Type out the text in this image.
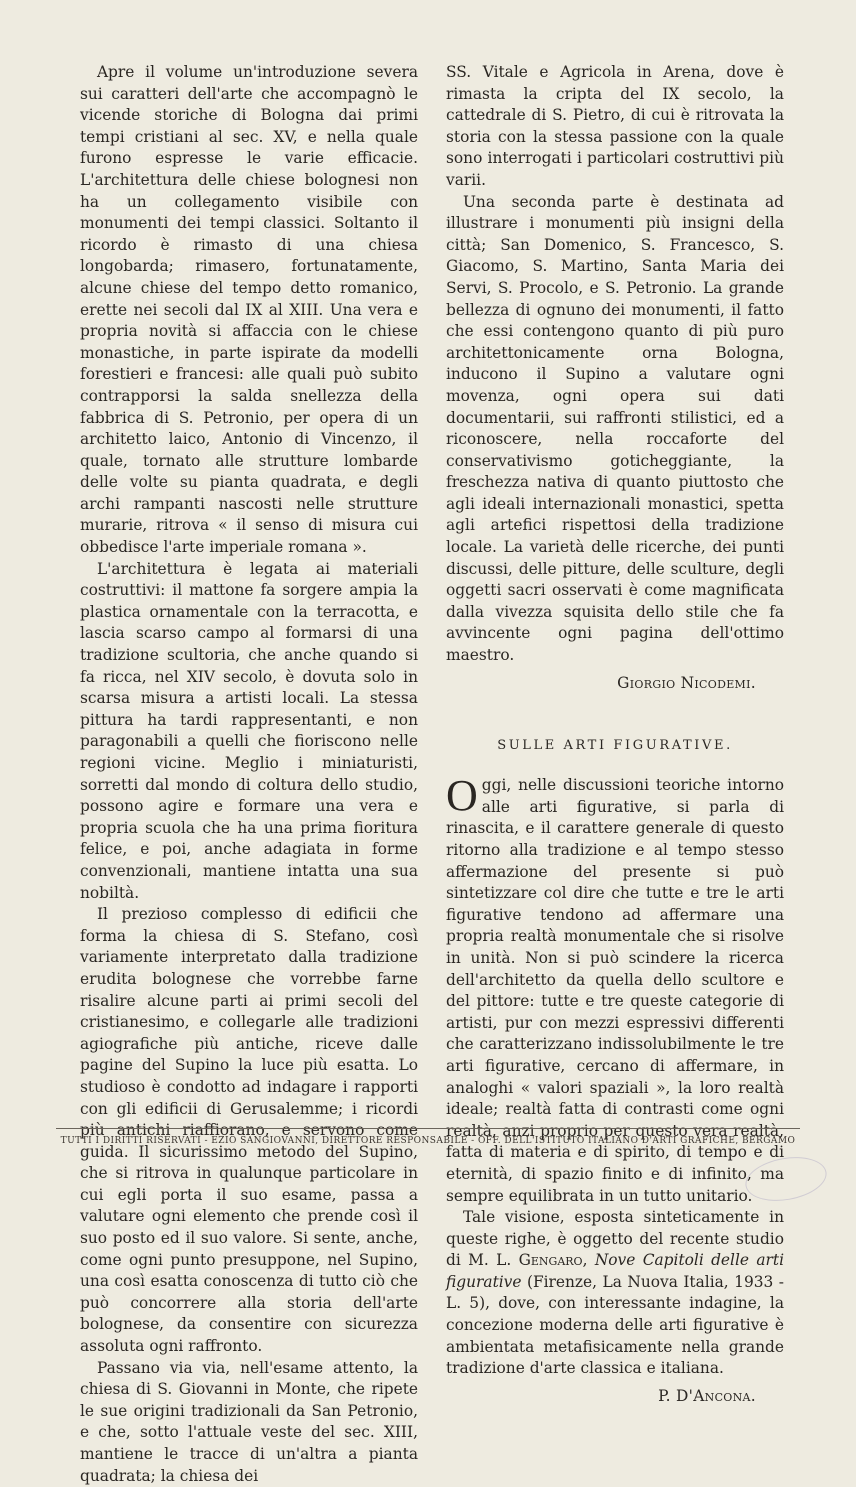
Apre il volume un'introduzione severa sui caratteri dell'arte che accompagnò le vicende storiche di Bologna dai primi tempi cristiani al sec. XV, e nella quale furono espresse le varie efficacie. L'architettura delle chiese bolognesi non ha un collegamento visibile con monumenti dei tempi classici. Soltanto il ricordo è rimasto di una chiesa longobarda; rimasero, fortunatamente, alcune chiese del tempo detto romanico, erette nei secoli dal IX al XIII. Una vera e propria novità si affaccia con le chiese monastiche, in parte ispirate da modelli forestieri e francesi: alle quali può subito contrapporsi la salda snellezza della fabbrica di S. Petronio, per opera di un architetto laico, Antonio di Vincenzo, il quale, tornato alle strutture lombarde delle volte su pianta quadrata, e degli archi rampanti nascosti nelle strutture murarie, ritrova « il senso di misura cui obbedisce l'arte imperiale romana ».

L'architettura è legata ai materiali costruttivi: il mattone fa sorgere ampia la plastica ornamentale con la terracotta, e lascia scarso campo al formarsi di una tradizione scultoria, che anche quando si fa ricca, nel XIV secolo, è dovuta solo in scarsa misura a artisti locali. La stessa pittura ha tardi rappresentanti, e non paragonabili a quelli che fioriscono nelle regioni vicine. Meglio i miniaturisti, sorretti dal mondo di coltura dello studio, possono agire e formare una vera e propria scuola che ha una prima fioritura felice, e poi, anche adagiata in forme convenzionali, mantiene intatta una sua nobiltà.

Il prezioso complesso di edificii che forma la chiesa di S. Stefano, così variamente interpretato dalla tradizione erudita bolognese che vorrebbe farne risalire alcune parti ai primi secoli del cristianesimo, e collegarle alle tradizioni agiografiche più antiche, riceve dalle pagine del Supino la luce più esatta. Lo studioso è condotto ad indagare i rapporti con gli edificii di Gerusalemme; i ricordi più antichi riaffiorano, e servono come guida. Il sicurissimo metodo del Supino, che si ritrova in qualunque particolare in cui egli porta il suo esame, passa a valutare ogni elemento che prende così il suo posto ed il suo valore. Si sente, anche, come ogni punto presuppone, nel Supino, una così esatta conoscenza di tutto ciò che può concorrere alla storia dell'arte bolognese, da consentire con sicurezza assoluta ogni raffronto.

Passano via via, nell'esame attento, la chiesa di S. Giovanni in Monte, che ripete le sue origini tradizionali da San Petronio, e che, sotto l'attuale veste del sec. XIII, mantiene le tracce di un'altra a pianta quadrata; la chiesa dei

SS. Vitale e Agricola in Arena, dove è rimasta la cripta del IX secolo, la cattedrale di S. Pietro, di cui è ritrovata la storia con la stessa passione con la quale sono interrogati i particolari costruttivi più varii.

Una seconda parte è destinata ad illustrare i monumenti più insigni della città; San Domenico, S. Francesco, S. Giacomo, S. Martino, Santa Maria dei Servi, S. Procolo, e S. Petronio. La grande bellezza di ognuno dei monumenti, il fatto che essi contengono quanto di più puro architettonicamente orna Bologna, inducono il Supino a valutare ogni movenza, ogni opera sui dati documentarii, sui raffronti stilistici, ed a riconoscere, nella roccaforte del conservativismo goticheggiante, la freschezza nativa di quanto piuttosto che agli ideali internazionali monastici, spetta agli artefici rispettosi della tradizione locale. La varietà delle ricerche, dei punti discussi, delle pitture, delle sculture, degli oggetti sacri osservati è come magnificata dalla vivezza squisita dello stile che fa avvincente ogni pagina dell'ottimo maestro.

Giorgio Nicodemi.
SULLE ARTI FIGURATIVE.

Oggi, nelle discussioni teoriche intorno alle arti figurative, si parla di rinascita, e il carattere generale di questo ritorno alla tradizione e al tempo stesso affermazione del presente si può sintetizzare col dire che tutte e tre le arti figurative tendono ad affermare una propria realtà monumentale che si risolve in unità. Non si può scindere la ricerca dell'architetto da quella dello scultore e del pittore: tutte e tre queste categorie di artisti, pur con mezzi espressivi differenti che caratterizzano indissolubilmente le tre arti figurative, cercano di affermare, in analoghi « valori spaziali », la loro realtà ideale; realtà fatta di contrasti come ogni realtà, anzi proprio per questo vera realtà, fatta di materia e di spirito, di tempo e di eternità, di spazio finito e di infinito, ma sempre equilibrata in un tutto unitario.

Tale visione, esposta sinteticamente in queste righe, è oggetto del recente studio di M. L. Gengaro, Nove Capitoli delle arti figurative (Firenze, La Nuova Italia, 1933 - L. 5), dove, con interessante indagine, la concezione moderna delle arti figurative è ambientata metafisicamente nella grande tradizione d'arte classica e italiana.

P. D'Ancona.
TUTTI I DIRITTI RISERVATI - EZIO SANGIOVANNI, DIRETTORE RESPONSABILE - OFF. DELL'ISTITUTO ITALIANO D'ARTI GRAFICHE, BERGAMO
